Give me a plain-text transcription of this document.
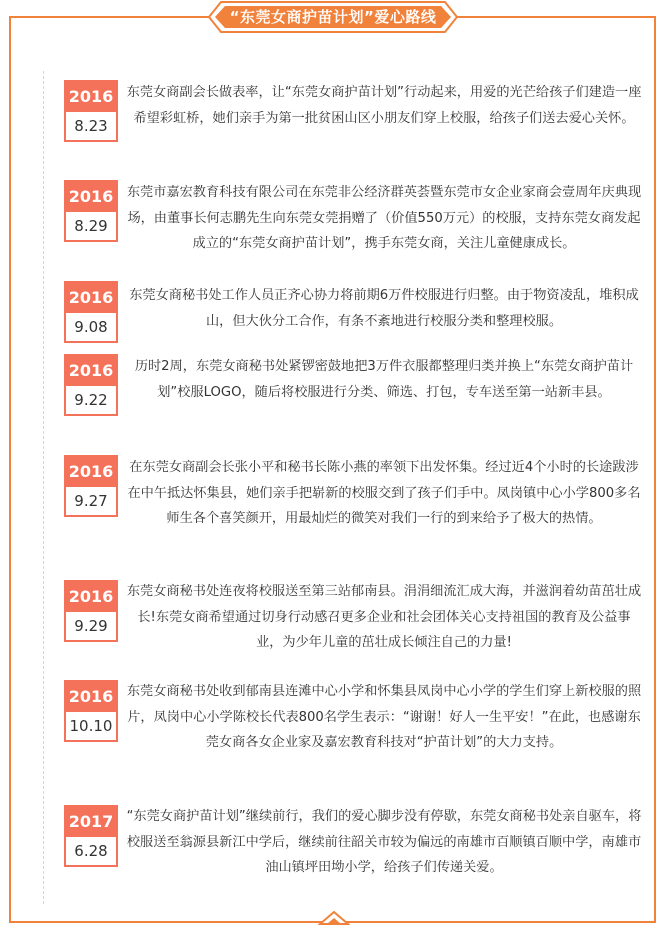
“东莞女商护苗计划”爱心路线
2016
8.23
东莞女商副会长做表率，让“东莞女商护苗计划”行动起来，用爱的光芒给孩子们建造一座希望彩虹桥，她们亲手为第一批贫困山区小朋友们穿上校服，给孩子们送去爱心关怀。
2016
8.29
东莞市嘉宏教育科技有限公司在东莞非公经济群英荟暨东莞市女企业家商会壹周年庆典现场，由董事长何志鹏先生向东莞女莞捐赠了（价值550万元）的校服，支持东莞女商发起成立的“东莞女商护苗计划”，携手东莞女商，关注儿童健康成长。
2016
9.08
东莞女商秘书处工作人员正齐心协力将前期6万件校服进行归整。由于物资凌乱，堆积成山，但大伙分工合作，有条不紊地进行校服分类和整理校服。
2016
9.22
历时2周，东莞女商秘书处紧锣密鼓地把3万件衣服都整理归类并换上“东莞女商护苗计划”校服LOGO，随后将校服进行分类、筛选、打包，专车送至第一站新丰县。
2016
9.27
在东莞女商副会长张小平和秘书长陈小燕的率领下出发怀集。经过近4个小时的长途跋涉在中午抵达怀集县，她们亲手把崭新的校服交到了孩子们手中。凤岗镇中心小学800多名师生各个喜笑颜开，用最灿烂的微笑对我们一行的到来给予了极大的热情。
2016
9.29
东莞女商秘书处连夜将校服送至第三站郁南县。涓涓细流汇成大海，并滋润着幼苗茁壮成长!东莞女商希望通过切身行动感召更多企业和社会团体关心支持祖国的教育及公益事业，为少年儿童的茁壮成长倾注自己的力量!
2016
10.10
东莞女商秘书处收到郁南县连滩中心小学和怀集县凤岗中心小学的学生们穿上新校服的照片，凤岗中心小学陈校长代表800名学生表示：“谢谢！好人一生平安！”在此，也感谢东莞女商各女企业家及嘉宏教育科技对“护苗计划”的大力支持。
2017
6.28
“东莞女商护苗计划”继续前行，我们的爱心脚步没有停歇，东莞女商秘书处亲自驱车，将校服送至翁源县新江中学后，继续前往韶关市较为偏远的南雄市百顺镇百顺中学，南雄市油山镇坪田坳小学，给孩子们传递关爱。
